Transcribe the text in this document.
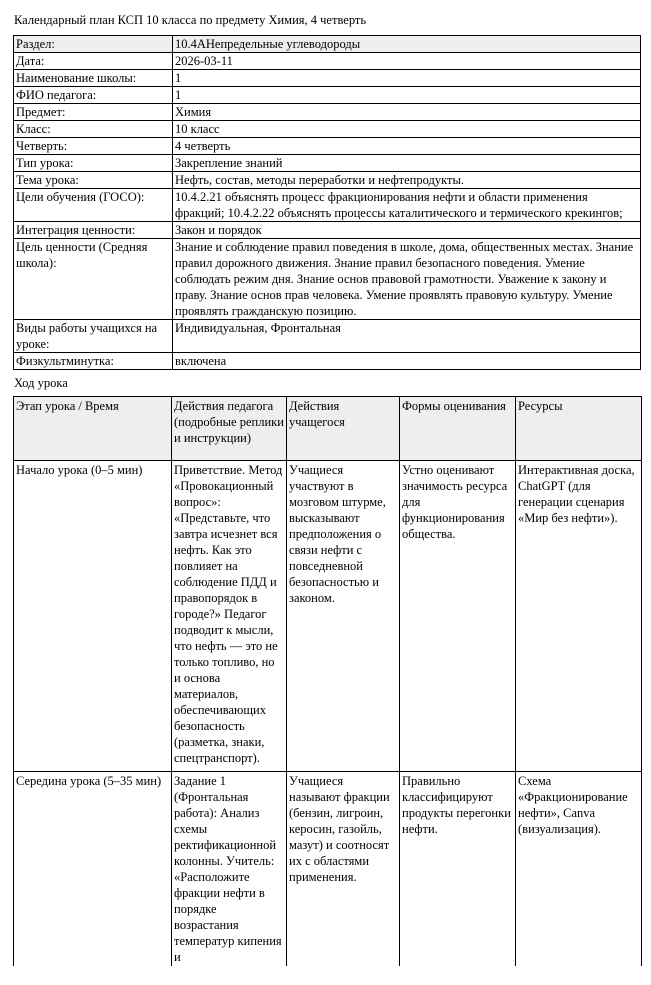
Календарный план КСП 10 класса по предмету Химия, 4 четверть
Раздел:	10.4АНепредельные углеводороды
Дата:	2026-03-11
Наименование школы:	1
ФИО педагога:	1
Предмет:	Химия
Класс:	10 класс
Четверть:	4 четверть
Тип урока:	Закрепление знаний
Тема урока:	Нефть, состав, методы переработки и нефтепродукты.
Цели обучения (ГОСО):	10.4.2.21 объяснять процесс фракционирования нефти и области применения фракций; 10.4.2.22 объяснять процессы каталитического и термического крекингов;
Интеграция ценности:	Закон и порядок
Цель ценности (Средняя школа):	Знание и соблюдение правил поведения в школе, дома, общественных местах. Знание правил дорожного движения. Знание правил безопасного поведения. Умение соблюдать режим дня. Знание основ правовой грамотности. Уважение к закону и праву. Знание основ прав человека. Умение проявлять правовую культуру. Умение проявлять гражданскую позицию.
Виды работы учащихся на уроке:	Индивидуальная, Фронтальная
Физкультминутка:	включена
Ход урока
Этап урока / Время	Действия педагога (подробные реплики и инструкции)	Действия учащегося	Формы оценивания	Ресурсы
Начало урока (0–5 мин)	Приветствие. Метод «Провокационный вопрос»: «Представьте, что завтра исчезнет вся нефть. Как это повлияет на соблюдение ПДД и правопорядок в городе?» Педагог подводит к мысли, что нефть — это не только топливо, но и основа материалов, обеспечивающих безопасность (разметка, знаки, спецтранспорт).	Учащиеся участвуют в мозговом штурме, высказывают предположения о связи нефти с повседневной безопасностью и законом.	Устно оценивают значимость ресурса для функционирования общества.	Интерактивная доска, ChatGPT (для генерации сценария «Мир без нефти»).
Середина урока (5–35 мин)	Задание 1 (Фронтальная работа): Анализ схемы ректификационной колонны. Учитель: «Расположите фракции нефти в порядке возрастания температур кипения и	Учащиеся называют фракции (бензин, лигроин, керосин, газойль, мазут) и соотносят их с областями применения.	Правильно классифицируют продукты перегонки нефти.	Схема «Фракционирование нефти», Canva (визуализация).
